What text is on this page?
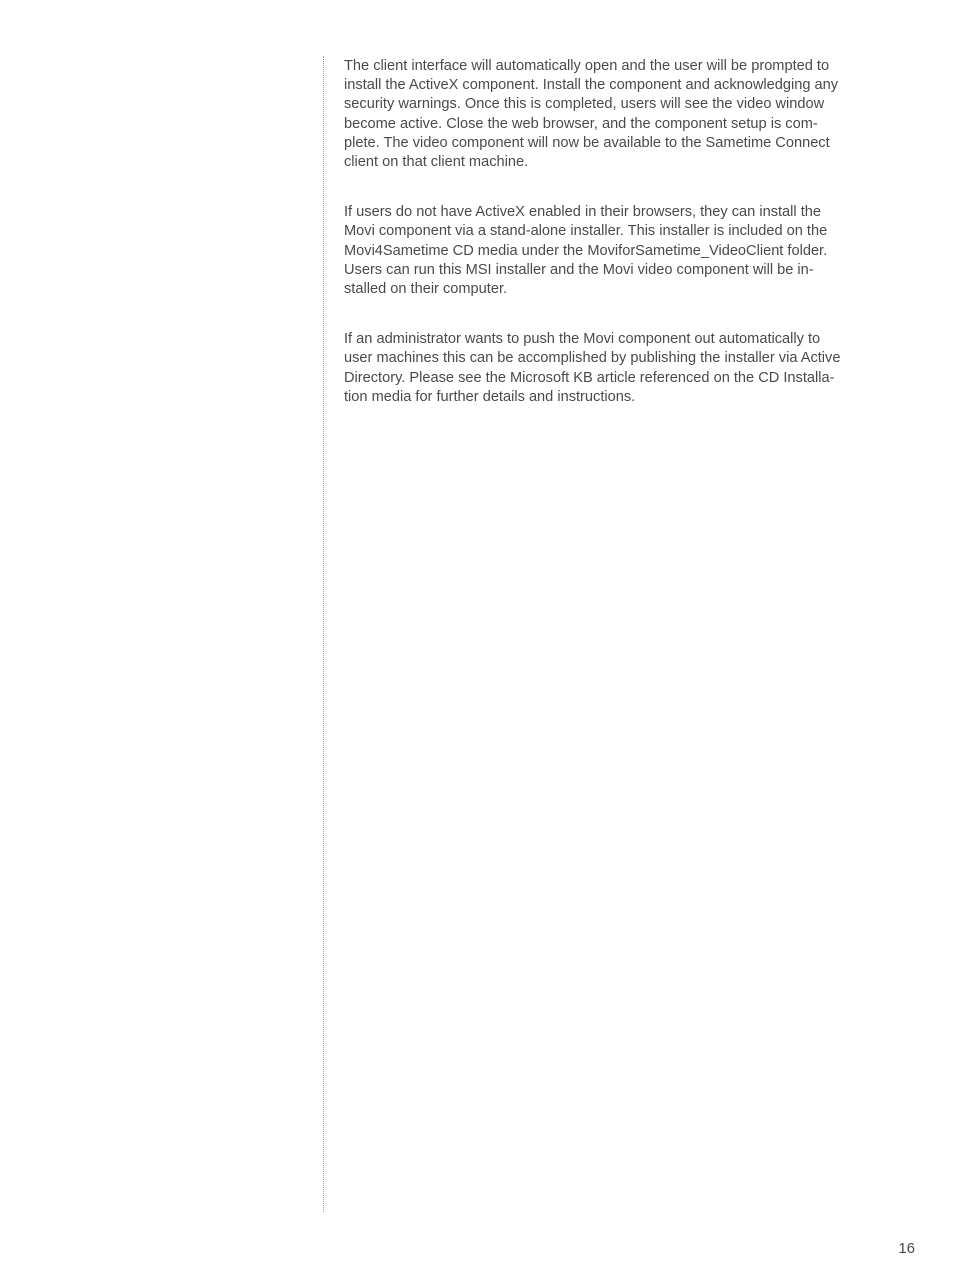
The client interface will automatically open and the user will be prompted to
install the ActiveX component. Install the component and acknowledging any
security warnings. Once this is completed, users will see the video window
become active. Close the web browser, and the component setup is com-
plete. The video component will now be available to the Sametime Connect
client on that client machine.

If users do not have ActiveX enabled in their browsers, they can install the
Movi component via a stand-alone installer. This installer is included on the
Movi4Sametime CD media under the MoviforSametime_VideoClient folder.
Users can run this MSI installer and the Movi video component will be in-
stalled on their computer.

If an administrator wants to push the Movi component out automatically to
user machines this can be accomplished by publishing the installer via Active
Directory. Please see the Microsoft KB article referenced on the CD Installa-
tion media for further details and instructions.

16
